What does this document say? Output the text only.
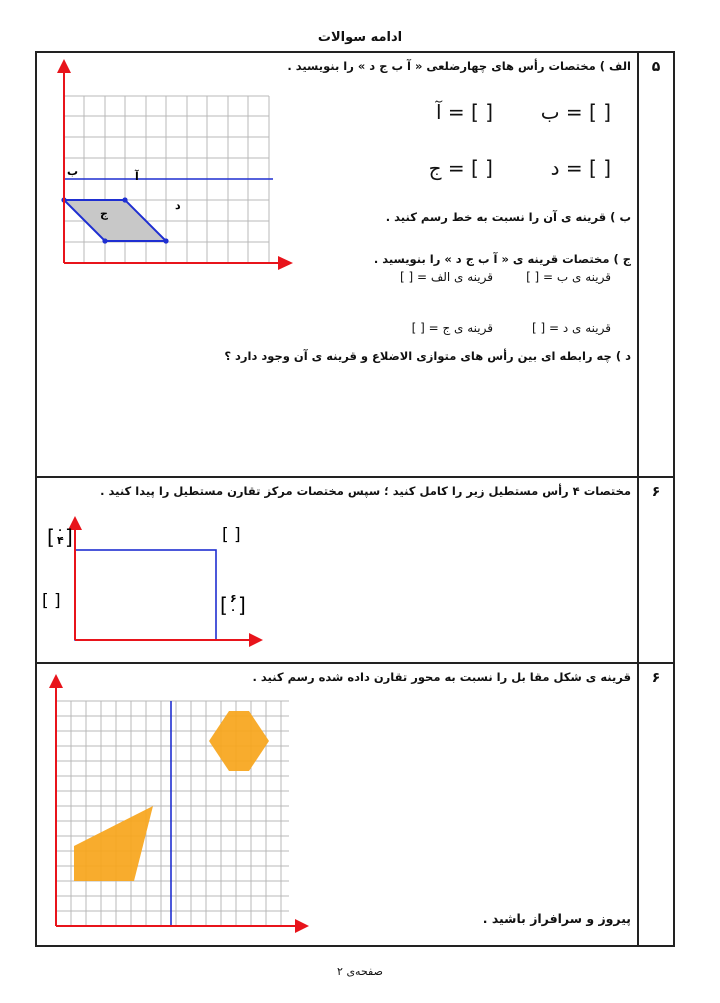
ادامه سوالات
۵
الف ) مختصات رأس های چهارضلعی « آ ب ج د » را بنویسید .
[ ] = ب
[ ] = آ
[ ] = د
[ ] = ج
ب ) قرینه ی آن را نسبت به خط رسم کنید .
ج ) مختصات قرینه ی « آ ب ج د » را بنویسید .
قرینه ی ب = [ ]
قرینه ی الف = [ ]
قرینه ی د = [ ]
قرینه ی ج = [ ]
د ) چه رابطه ای بین رأس های متوازی الاضلاع و قرینه ی آن وجود دارد ؟
ب	آ
د
ج
۶
مختصات ۴ رأس مستطیل زیر را کامل کنید ؛ سپس مختصات مرکز تقارن مستطیل را پیدا کنید .
[ ۰
۴ ]	[ ]
[ ]	[ ۶
۰ ]
۶
قرینه ی شکل مقا بل را نسبت به محور تقارن داده شده رسم کنید .
پیروز و سرافراز باشید .
صفحه‌ی ۲
